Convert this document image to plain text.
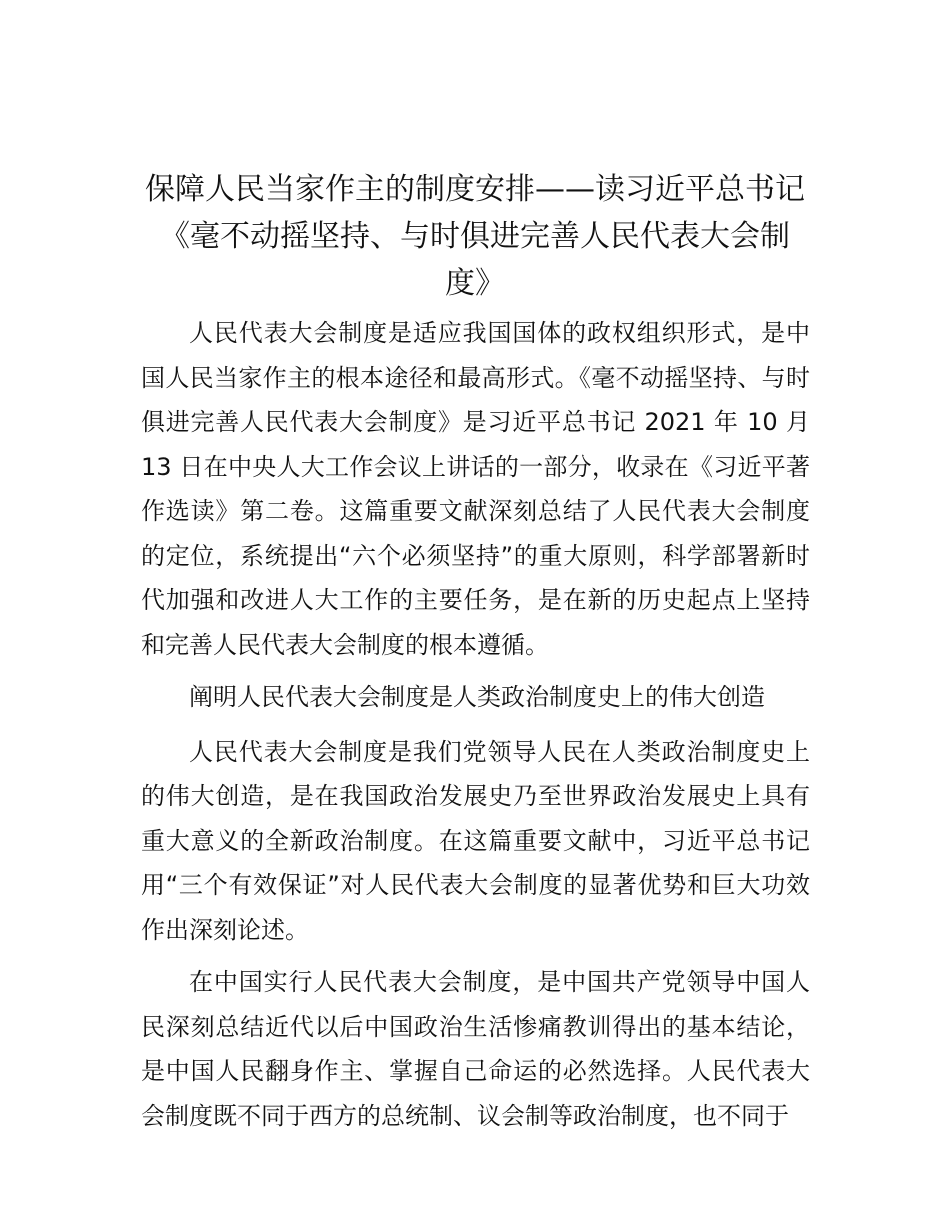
保障人民当家作主的制度安排——读习近平总书记《毫不动摇坚持、与时俱进完善人民代表大会制度》

人民代表大会制度是适应我国国体的政权组织形式，是中国人民当家作主的根本途径和最高形式。《毫不动摇坚持、与时俱进完善人民代表大会制度》是习近平总书记 2021 年 10 月 13 日在中央人大工作会议上讲话的一部分，收录在《习近平著作选读》第二卷。这篇重要文献深刻总结了人民代表大会制度的定位，系统提出“六个必须坚持”的重大原则，科学部署新时代加强和改进人大工作的主要任务，是在新的历史起点上坚持和完善人民代表大会制度的根本遵循。

阐明人民代表大会制度是人类政治制度史上的伟大创造

人民代表大会制度是我们党领导人民在人类政治制度史上的伟大创造，是在我国政治发展史乃至世界政治发展史上具有重大意义的全新政治制度。在这篇重要文献中，习近平总书记用“三个有效保证”对人民代表大会制度的显著优势和巨大功效作出深刻论述。

在中国实行人民代表大会制度，是中国共产党领导中国人民深刻总结近代以后中国政治生活惨痛教训得出的基本结论，是中国人民翻身作主、掌握自己命运的必然选择。人民代表大会制度既不同于西方的总统制、议会制等政治制度，也不同于
